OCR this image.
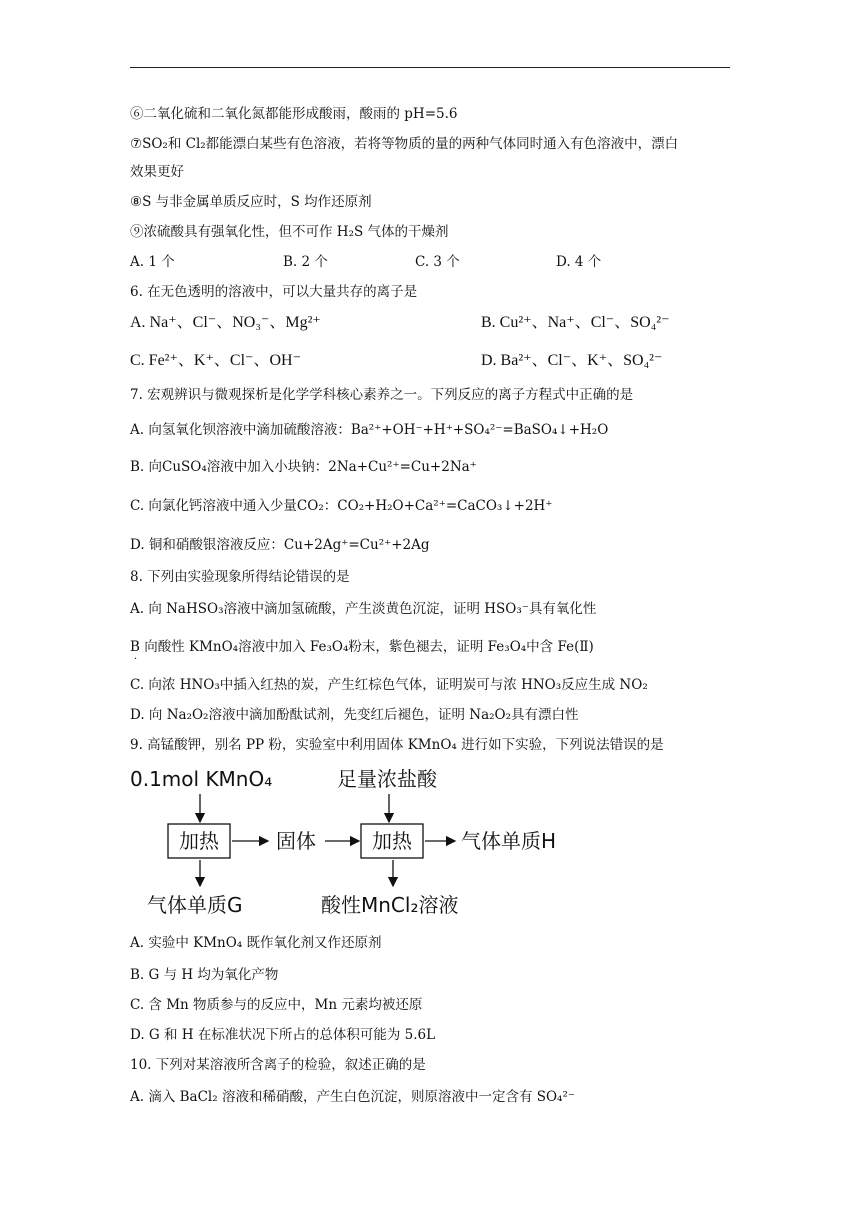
⑥二氧化硫和二氧化氮都能形成酸雨，酸雨的 pH=5.6
⑦SO₂和 Cl₂都能漂白某些有色溶液，若将等物质的量的两种气体同时通入有色溶液中，漂白
效果更好
⑧S 与非金属单质反应时，S 均作还原剂
⑨浓硫酸具有强氧化性，但不可作 H₂S 气体的干燥剂
A. 1 个	B. 2 个	C. 3 个	D. 4 个
6. 在无色透明的溶液中，可以大量共存的离子是
A. Na⁺、Cl⁻、NO₃⁻、Mg²⁺	B. Cu²⁺、Na⁺、Cl⁻、SO₄²⁻
C. Fe²⁺、K⁺、Cl⁻、OH⁻	D. Ba²⁺、Cl⁻、K⁺、SO₄²⁻
7. 宏观辨识与微观探析是化学学科核心素养之一。下列反应的离子方程式中正确的是
A. 向氢氧化钡溶液中滴加硫酸溶液：Ba²⁺+OH⁻+H⁺+SO₄²⁻=BaSO₄↓+H₂O
B. 向CuSO₄溶液中加入小块钠：2Na+Cu²⁺=Cu+2Na⁺
C. 向氯化钙溶液中通入少量CO₂：CO₂+H₂O+Ca²⁺=CaCO₃↓+2H⁺
D. 铜和硝酸银溶液反应：Cu+2Ag⁺=Cu²⁺+2Ag
8. 下列由实验现象所得结论错误的是
A. 向 NaHSO₃溶液中滴加氢硫酸，产生淡黄色沉淀，证明 HSO₃⁻具有氧化性
B 向酸性 KMnO₄溶液中加入 Fe₃O₄粉末，紫色褪去，证明 Fe₃O₄中含 Fe(Ⅱ)
·
C. 向浓 HNO₃中插入红热的炭，产生红棕色气体，证明炭可与浓 HNO₃反应生成 NO₂
D. 向 Na₂O₂溶液中滴加酚酞试剂，先变红后褪色，证明 Na₂O₂具有漂白性
9. 高锰酸钾，别名 PP 粉，实验室中利用固体 KMnO₄ 进行如下实验，下列说法错误的是
0.1mol KMnO₄	足量浓盐酸
加热	固体	加热 气体单质H
气体单质G	酸性MnCl₂溶液
A. 实验中 KMnO₄ 既作氧化剂又作还原剂
B. G 与 H 均为氧化产物
C. 含 Mn 物质参与的反应中，Mn 元素均被还原
D. G 和 H 在标准状况下所占的总体积可能为 5.6L
10. 下列对某溶液所含离子的检验，叙述正确的是
A. 滴入 BaCl₂ 溶液和稀硝酸，产生白色沉淀，则原溶液中一定含有 SO₄²⁻
